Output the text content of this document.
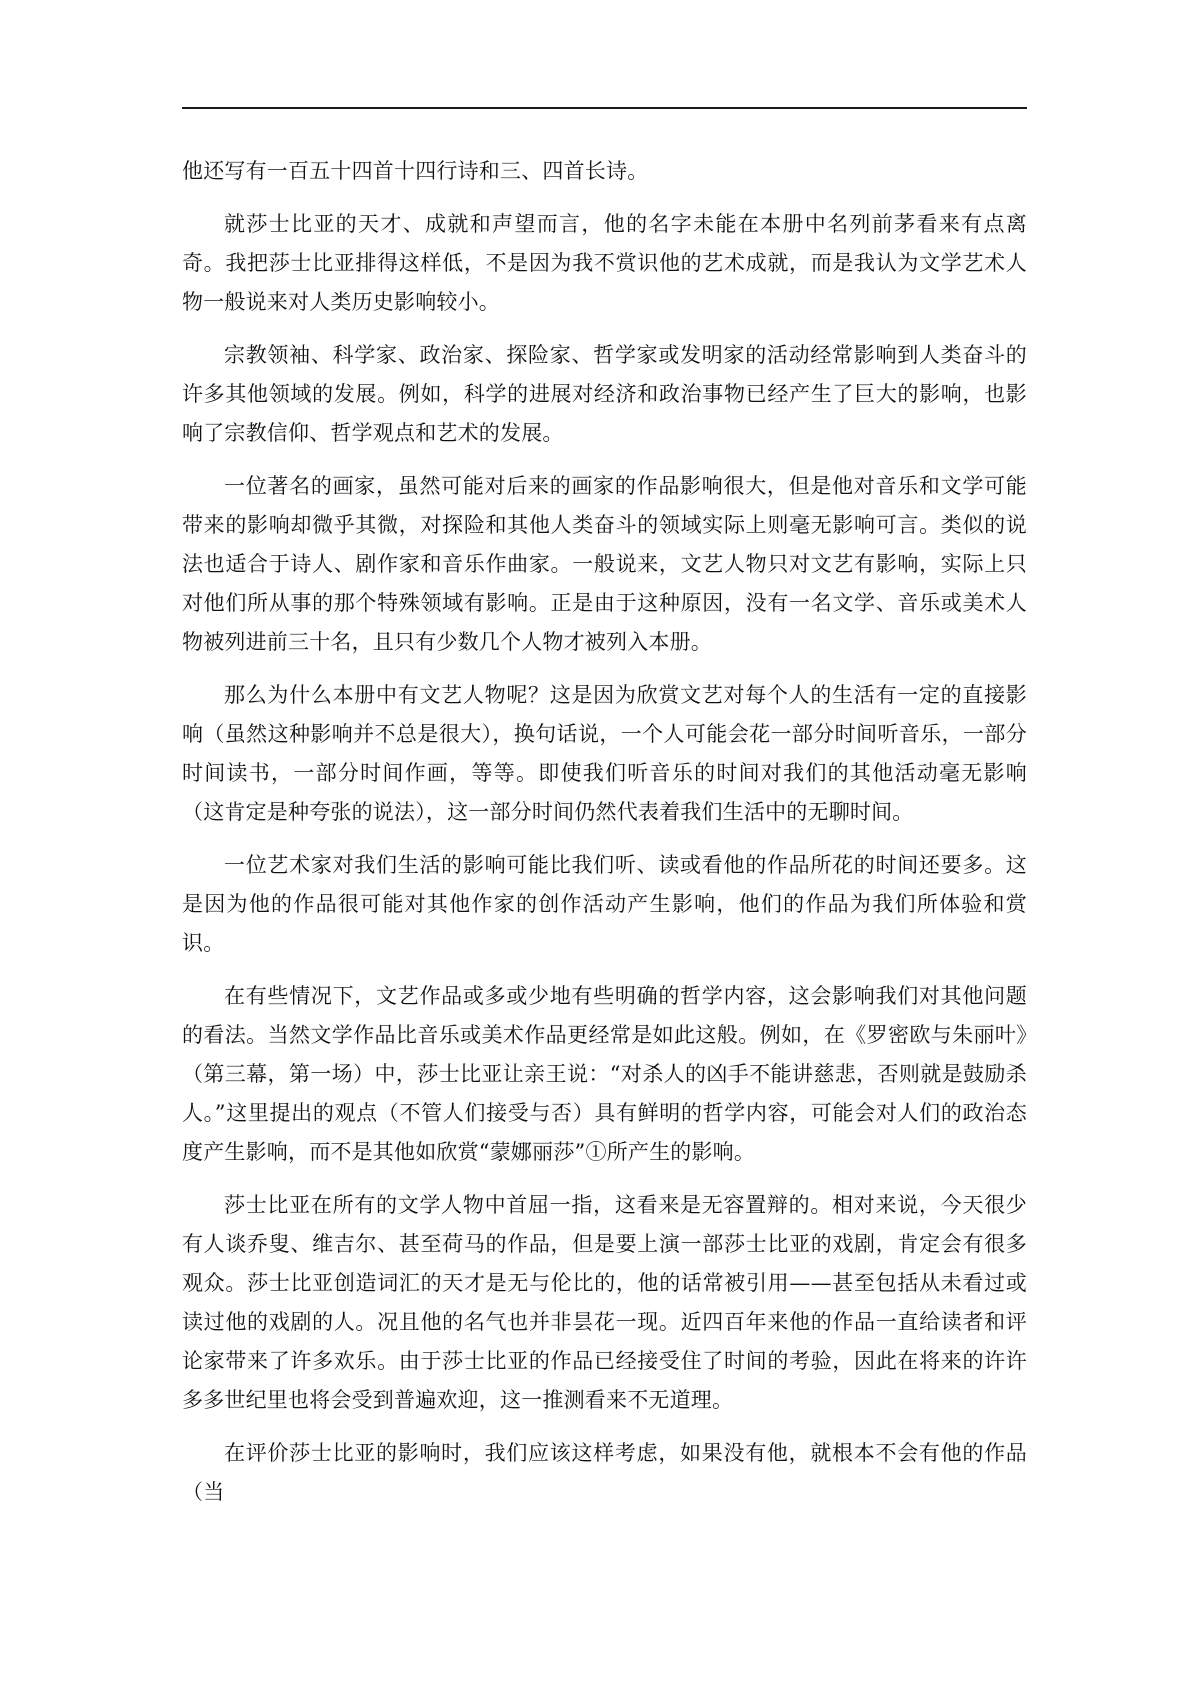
他还写有一百五十四首十四行诗和三、四首长诗。

就莎士比亚的天才、成就和声望而言，他的名字未能在本册中名列前茅看来有点离奇。我把莎士比亚排得这样低，不是因为我不赏识他的艺术成就，而是我认为文学艺术人物一般说来对人类历史影响较小。

宗教领袖、科学家、政治家、探险家、哲学家或发明家的活动经常影响到人类奋斗的许多其他领域的发展。例如，科学的进展对经济和政治事物已经产生了巨大的影响，也影响了宗教信仰、哲学观点和艺术的发展。

一位著名的画家，虽然可能对后来的画家的作品影响很大，但是他对音乐和文学可能带来的影响却微乎其微，对探险和其他人类奋斗的领域实际上则毫无影响可言。类似的说法也适合于诗人、剧作家和音乐作曲家。一般说来，文艺人物只对文艺有影响，实际上只对他们所从事的那个特殊领域有影响。正是由于这种原因，没有一名文学、音乐或美术人物被列进前三十名，且只有少数几个人物才被列入本册。

那么为什么本册中有文艺人物呢？这是因为欣赏文艺对每个人的生活有一定的直接影响（虽然这种影响并不总是很大），换句话说，一个人可能会花一部分时间听音乐，一部分时间读书，一部分时间作画，等等。即使我们听音乐的时间对我们的其他活动毫无影响（这肯定是种夸张的说法），这一部分时间仍然代表着我们生活中的无聊时间。

一位艺术家对我们生活的影响可能比我们听、读或看他的作品所花的时间还要多。这是因为他的作品很可能对其他作家的创作活动产生影响，他们的作品为我们所体验和赏识。

在有些情况下，文艺作品或多或少地有些明确的哲学内容，这会影响我们对其他问题的看法。当然文学作品比音乐或美术作品更经常是如此这般。例如，在《罗密欧与朱丽叶》（第三幕，第一场）中，莎士比亚让亲王说：“对杀人的凶手不能讲慈悲，否则就是鼓励杀人。”这里提出的观点（不管人们接受与否）具有鲜明的哲学内容，可能会对人们的政治态度产生影响，而不是其他如欣赏“蒙娜丽莎”①所产生的影响。

莎士比亚在所有的文学人物中首屈一指，这看来是无容置辩的。相对来说，今天很少有人谈乔叟、维吉尔、甚至荷马的作品，但是要上演一部莎士比亚的戏剧，肯定会有很多观众。莎士比亚创造词汇的天才是无与伦比的，他的话常被引用——甚至包括从未看过或读过他的戏剧的人。况且他的名气也并非昙花一现。近四百年来他的作品一直给读者和评论家带来了许多欢乐。由于莎士比亚的作品已经接受住了时间的考验，因此在将来的许许多多世纪里也将会受到普遍欢迎，这一推测看来不无道理。

在评价莎士比亚的影响时，我们应该这样考虑，如果没有他，就根本不会有他的作品（当
